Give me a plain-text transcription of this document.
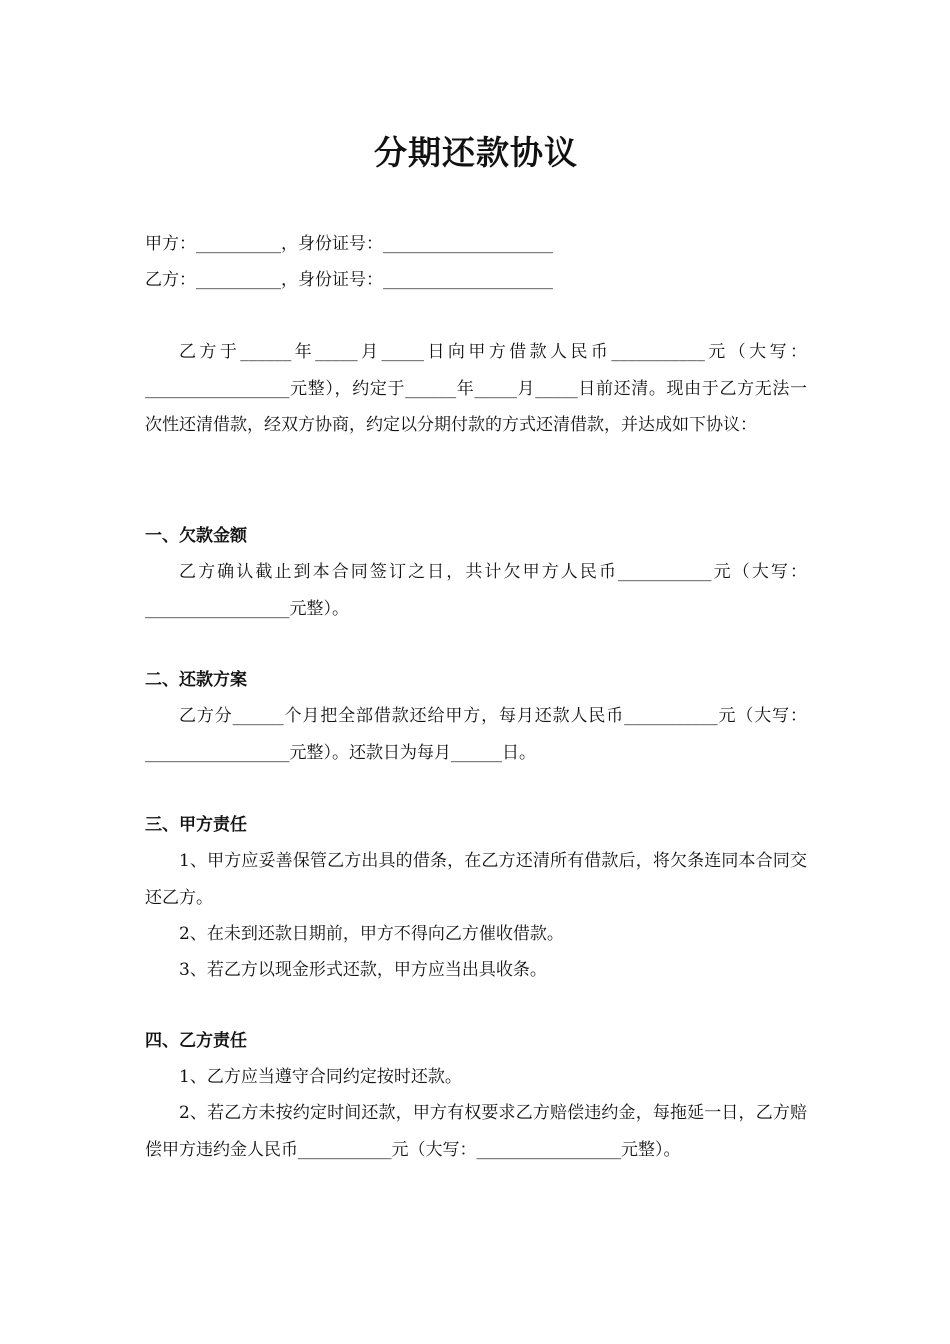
分期还款协议
甲方：__________，身份证号：____________________
乙方：__________，身份证号：____________________

乙方于______年_____月_____日向甲方借款人民币___________元（大写：_________________元整），约定于______年_____月_____日前还清。现由于乙方无法一次性还清借款，经双方协商，约定以分期付款的方式还清借款，并达成如下协议：

一、欠款金额

乙方确认截止到本合同签订之日，共计欠甲方人民币___________元（大写：_________________元整）。

二、还款方案

乙方分______个月把全部借款还给甲方，每月还款人民币___________元（大写：_________________元整）。还款日为每月______日。

三、甲方责任

1、甲方应妥善保管乙方出具的借条，在乙方还清所有借款后，将欠条连同本合同交还乙方。

2、在未到还款日期前，甲方不得向乙方催收借款。

3、若乙方以现金形式还款，甲方应当出具收条。

四、乙方责任

1、乙方应当遵守合同约定按时还款。

2、若乙方未按约定时间还款，甲方有权要求乙方赔偿违约金，每拖延一日，乙方赔偿甲方违约金人民币___________元（大写：_________________元整）。
